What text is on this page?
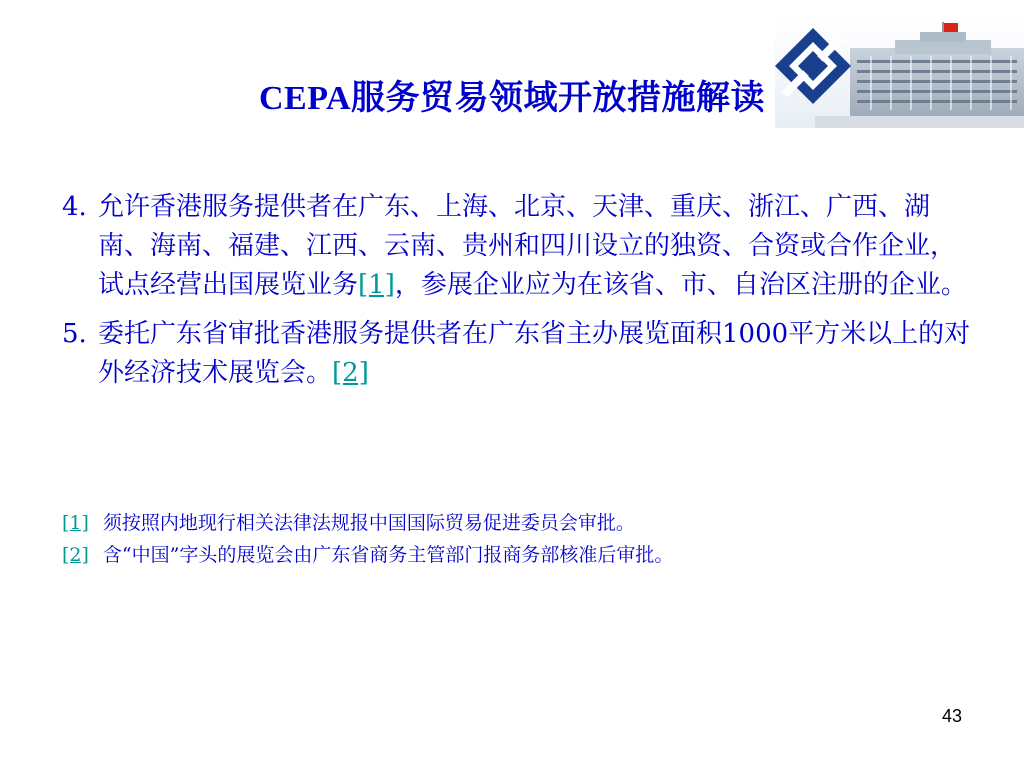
CEPA服务贸易领域开放措施解读
4. 允许香港服务提供者在广东、上海、北京、天津、重庆、浙江、广西、湖南、海南、福建、江西、云南、贵州和四川设立的独资、合资或合作企业，试点经营出国展览业务[1]，参展企业应为在该省、市、自治区注册的企业。
5. 委托广东省审批香港服务提供者在广东省主办展览面积1000平方米以上的对外经济技术展览会。[2]
[1] 须按照内地现行相关法律法规报中国国际贸易促进委员会审批。
[2] 含“中国”字头的展览会由广东省商务主管部门报商务部核准后审批。
43
